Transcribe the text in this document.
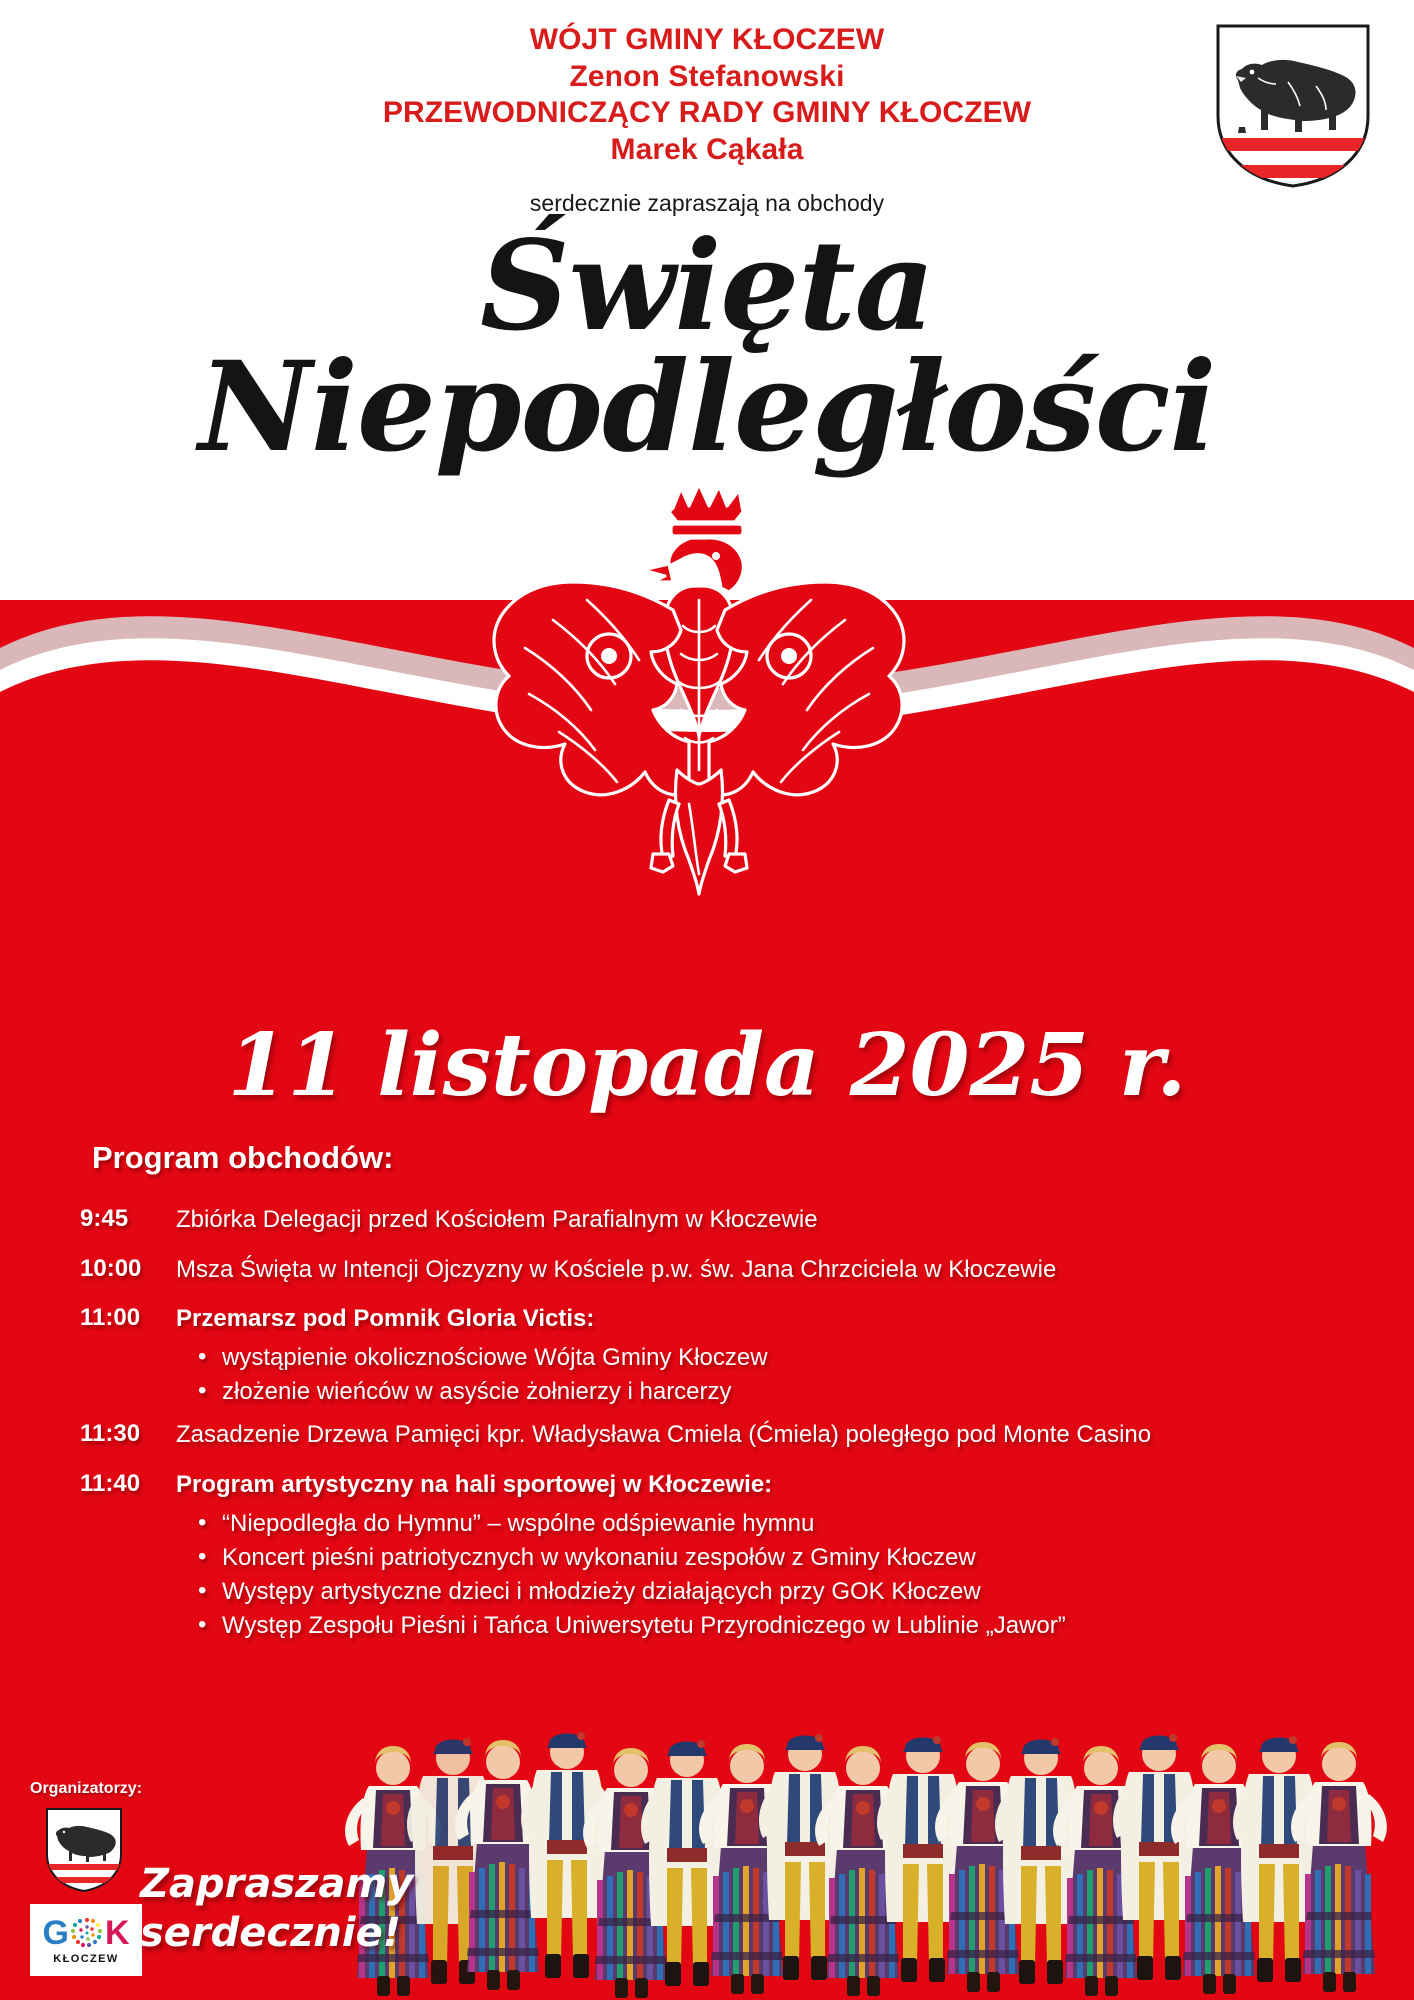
WÓJT GMINY KŁOCZEW
Zenon Stefanowski
PRZEWODNICZĄCY RADY GMINY KŁOCZEW
Marek Cąkała
serdecznie zapraszają na obchody
Święta
Niepodległości
11 listopada 2025 r.
Program obchodów:
9:45	Zbiórka Delegacji przed Kościołem Parafialnym w Kłoczewie
10:00	Msza Święta w Intencji Ojczyzny w Kościele p.w. św. Jana Chrzciciela w Kłoczewie
11:00	Przemarsz pod Pomnik Gloria Victis:
• wystąpienie okolicznościowe Wójta Gminy Kłoczew
• złożenie wieńców w asyście żołnierzy i harcerzy
11:30	Zasadzenie Drzewa Pamięci kpr. Władysława Cmiela (Ćmiela) poległego pod Monte Casino
11:40	Program artystyczny na hali sportowej w Kłoczewie:
• “Niepodległa do Hymnu” – wspólne odśpiewanie hymnu
• Koncert pieśni patriotycznych w wykonaniu zespołów z Gminy Kłoczew
• Występy artystyczne dzieci i młodzieży działających przy GOK Kłoczew
• Występ Zespołu Pieśni i Tańca Uniwersytetu Przyrodniczego w Lublinie „Jawor”
Organizatorzy:
G K
KŁOCZEW
Zapraszamy
serdecznie!
